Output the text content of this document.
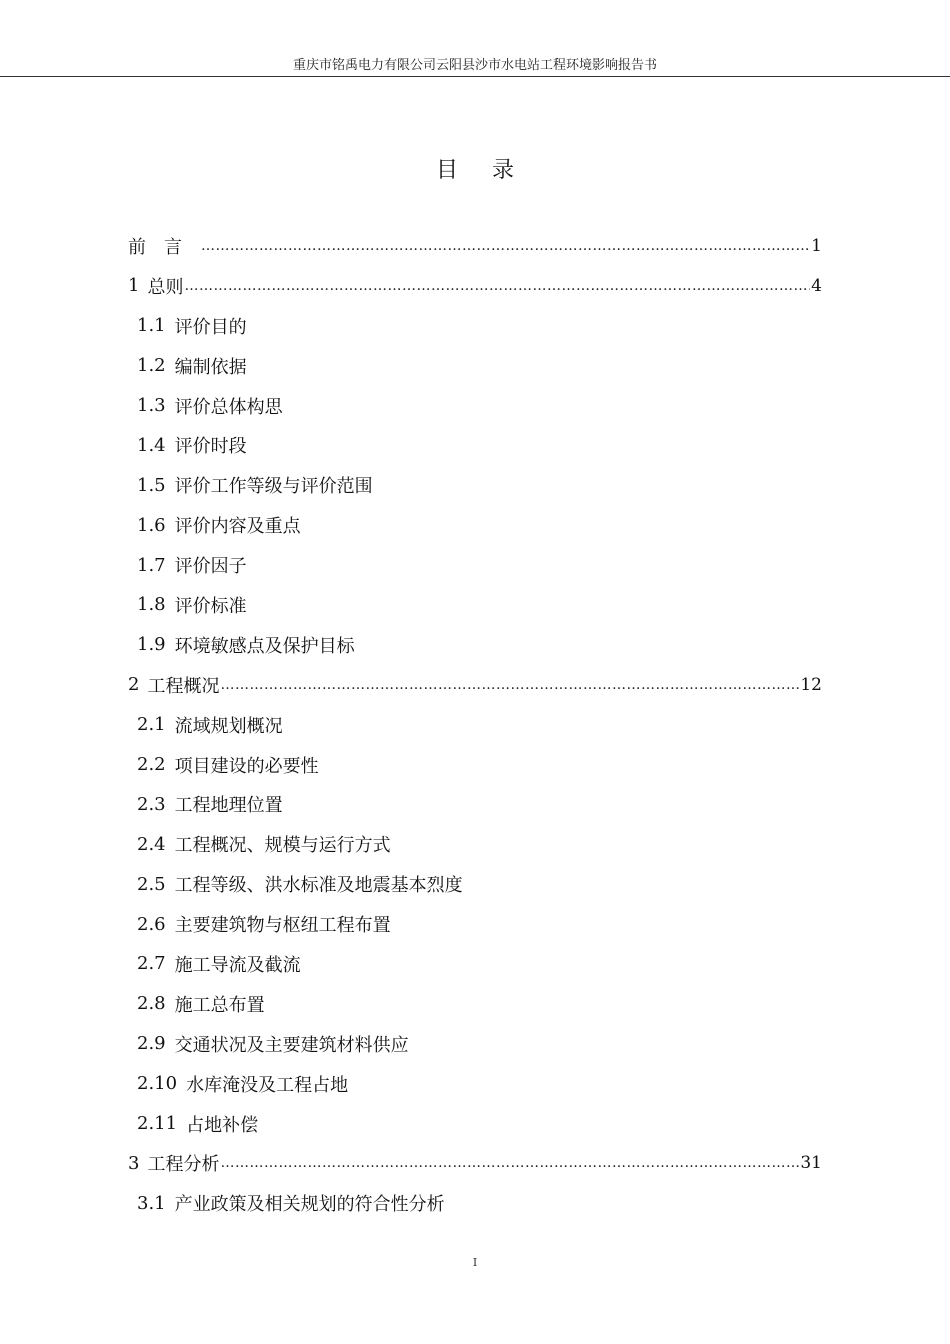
重庆市铭禹电力有限公司云阳县沙市水电站工程环境影响报告书
目录
前言 …………………………………………………………………………………………………………………………………………………………………	1
1 总则 …………………………………………………………………………………………………………………………………………………………………	4
1.1 评价目的
1.2 编制依据
1.3 评价总体构思
1.4 评价时段
1.5 评价工作等级与评价范围
1.6 评价内容及重点
1.7 评价因子
1.8 评价标准
1.9 环境敏感点及保护目标
2 工程概况 …………………………………………………………………………………………………………………………………………………………………	12
2.1 流域规划概况
2.2 项目建设的必要性
2.3 工程地理位置
2.4 工程概况、规模与运行方式
2.5 工程等级、洪水标准及地震基本烈度
2.6 主要建筑物与枢纽工程布置
2.7 施工导流及截流
2.8 施工总布置
2.9 交通状况及主要建筑材料供应
2.10 水库淹没及工程占地
2.11 占地补偿
3 工程分析 …………………………………………………………………………………………………………………………………………………………………	31
3.1 产业政策及相关规划的符合性分析
I
